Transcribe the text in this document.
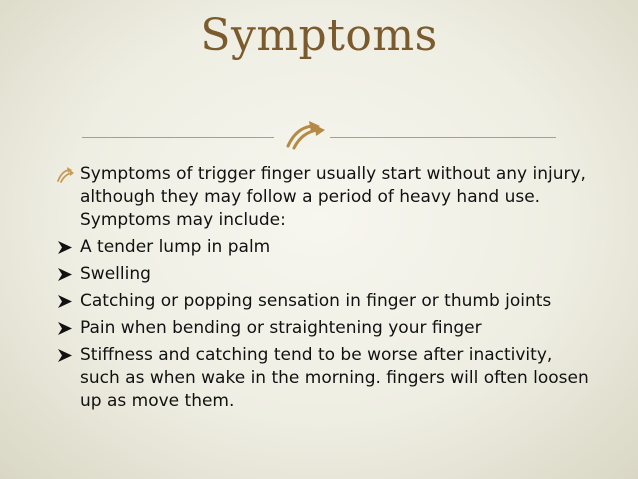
Symptoms
Symptoms of trigger finger usually start without any injury, although they may follow a period of heavy hand use. Symptoms may include:
A tender lump in palm
Swelling
Catching or popping sensation in finger or thumb joints
Pain when bending or straightening your finger
Stiffness and catching tend to be worse after inactivity, such as when wake in the morning. fingers will often loosen up as move them.
